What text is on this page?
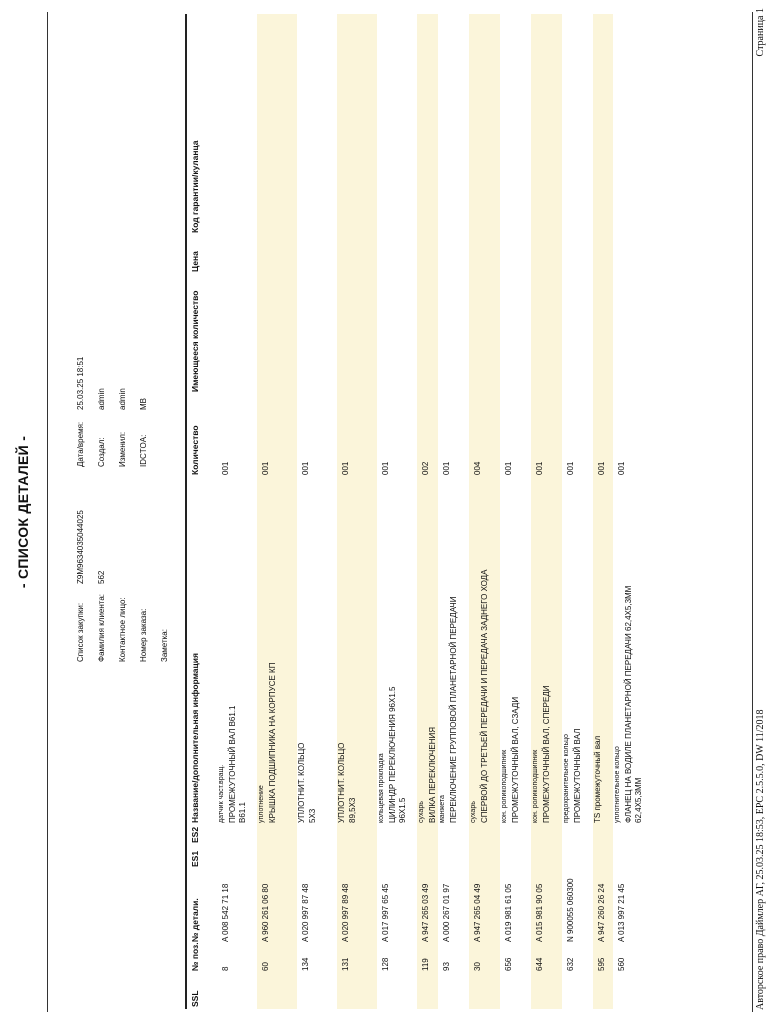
- СПИСОК ДЕТАЛЕЙ -
Список закупки:
Z9M9634035044025
Фамилия клиента:
562
Контактное лицо:	Номер заказа:	Заметка:
Дата/время:
25.03.25 18:51
Создал:
admin
Изменил:
admin
IDCTOA:
MB
SSL
№ поз.
№ детали.
ES1
ES2
Название/дополнительная информация
Количество
Имеющееся количество
Цена
Код гарантии/куланца
8
A 008 542 71 18
датчик част.вращ. ПРОМЕЖУТОЧНЫЙ ВАЛ B61.1 B61.1
001
60
A 960 261 06 80
уплотнение КРЫШКА ПОДШИПНИКА НА КОРПУСЕ КП
001
134
A 020 997 87 48
УПЛОТНИТ. КОЛЬЦО 5X3
001
131
A 020 997 89 48
УПЛОТНИТ. КОЛЬЦО 89,5X3
001
128
A 017 997 65 45
кольцевая прокладка ЦИЛИНДР ПЕРЕКЛЮЧЕНИЯ 96X1.5 96X1.5
001
119
A 947 265 03 49
сухарь ВИЛКА ПЕРЕКЛЮЧЕНИЯ
002
93
A 000 267 01 97
манжета ПЕРЕКЛЮЧЕНИЕ ГРУППОВОЙ ПЛАНЕТАРНОЙ ПЕРЕДАЧИ
001
30
A 947 265 04 49
сухарь СПЕРВОЙ ДО ТРЕТЬЕЙ ПЕРЕДАЧИ И ПЕРЕДАЧА ЗАДНЕГО ХОДА
004
656
A 019 981 61 05
кон. роликоподшипник ПРОМЕЖУТОЧНЫЙ ВАЛ, СЗАДИ
001
644
A 015 981 90 05
кон. роликоподшипник ПРОМЕЖУТОЧНЫЙ ВАЛ, СПЕРЕДИ
001
632
N 900055 060300
предохранительное кольцо ПРОМЕЖУТОЧНЫЙ ВАЛ
001
595
A 947 260 26 24
TS промежуточный вал
001
560
A 013 997 21 45
уплотнительное кольцо ФЛАНЕЦ НА ВОДИЛЕ ПЛАНЕТАРНОЙ ПЕРЕДАЧИ 62,4X5,3MM 62,4X5,3MM
001
Авторское право Даймлер АГ, 25.03.25 18:53, EPC 2.5.5.0, DW 11/2018
Страница 1
